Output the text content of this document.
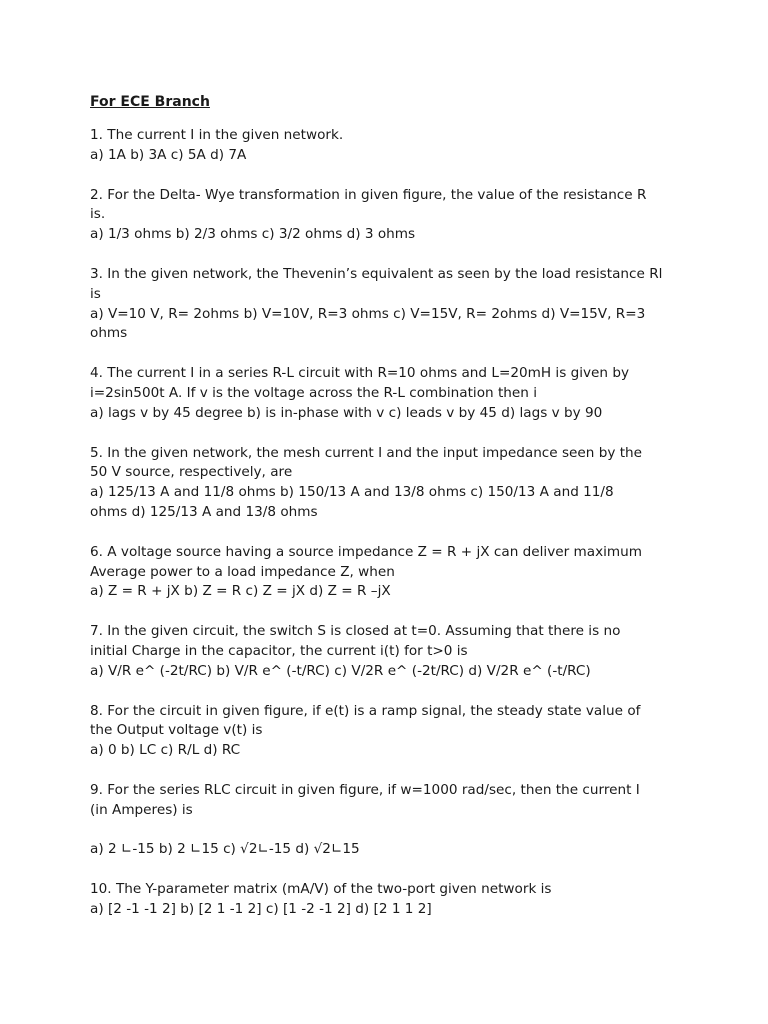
For ECE Branch

1. The current I in the given network.

a) 1A b) 3A c) 5A d) 7A

2. For the Delta- Wye transformation in given figure, the value of the resistance R

is.

a) 1/3 ohms b) 2/3 ohms c) 3/2 ohms d) 3 ohms

3. In the given network, the Thevenin’s equivalent as seen by the load resistance Rl

is

a) V=10 V, R= 2ohms b) V=10V, R=3 ohms c) V=15V, R= 2ohms d) V=15V, R=3

ohms

4. The current I in a series R-L circuit with R=10 ohms and L=20mH is given by

i=2sin500t A. If v is the voltage across the R-L combination then i

a) lags v by 45 degree b) is in-phase with v c) leads v by 45 d) lags v by 90

5. In the given network, the mesh current I and the input impedance seen by the

50 V source, respectively, are

a) 125/13 A and 11/8 ohms b) 150/13 A and 13/8 ohms c) 150/13 A and 11/8

ohms d) 125/13 A and 13/8 ohms

6. A voltage source having a source impedance Z = R + jX can deliver maximum

Average power to a load impedance Z, when

a) Z = R + jX b) Z = R c) Z = jX d) Z = R –jX

7. In the given circuit, the switch S is closed at t=0. Assuming that there is no

initial Charge in the capacitor, the current i(t) for t>0 is

a) V/R e^ (-2t/RC) b) V/R e^ (-t/RC) c) V/2R e^ (-2t/RC) d) V/2R e^ (-t/RC)

8. For the circuit in given figure, if e(t) is a ramp signal, the steady state value of

the Output voltage v(t) is

a) 0 b) LC c) R/L d) RC

9. For the series RLC circuit in given figure, if w=1000 rad/sec, then the current I

(in Amperes) is

a) 2 ∟-15 b) 2 ∟15 c) √2∟-15 d) √2∟15

10. The Y-parameter matrix (mA/V) of the two-port given network is

a) [2 -1 -1 2] b) [2 1 -1 2] c) [1 -2 -1 2] d) [2 1 1 2]
